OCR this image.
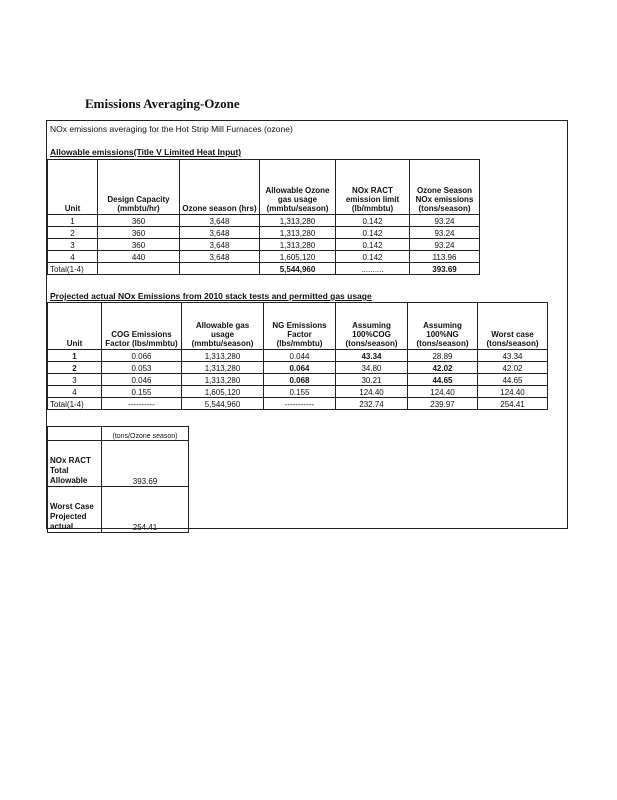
Emissions Averaging-Ozone
NOx emissions averaging for the Hot Strip Mill Furnaces (ozone)
Allowable emissions(Title V Limited Heat Input)
Unit	Design Capacity (mmbtu/hr)	Ozone season (hrs)	Allowable Ozone gas usage (mmbtu/season)	NOx RACT emission limit (lb/mmbtu)	Ozone Season NOx emissions (tons/season)
1	360	3,648	1,313,280	0.142	93.24
2	360	3,648	1,313,280	0.142	93.24
3	360	3,648	1,313,280	0.142	93.24
4	440	3,648	1,605,120	0.142	113.96
Total(1-4)			5,544,960	..........	393.69
Projected actual NOx Emissions from 2010 stack tests and permitted gas usage
Unit	COG Emissions Factor (lbs/mmbtu)	Allowable gas usage (mmbtu/season)	NG Emissions Factor (lbs/mmbtu)	Assuming 100%COG (tons/season)	Assuming 100%NG (tons/season)	Worst case (tons/season)
1	0.066	1,313,280	0.044	43.34	28.89	43.34
2	0.053	1,313,280	0.064	34.80	42.02	42.02
3	0.046	1,313,280	0.068	30.21	44.65	44.65
4	0.155	1,605,120	0.155	124.40	124.40	124.40
Total(1-4)	----------	5,544,960	-----------	232.74	239.97	254.41
	(tons/Ozone season)
NOx RACT Total Allowable	393.69
Worst Case Projected actual	254.41
